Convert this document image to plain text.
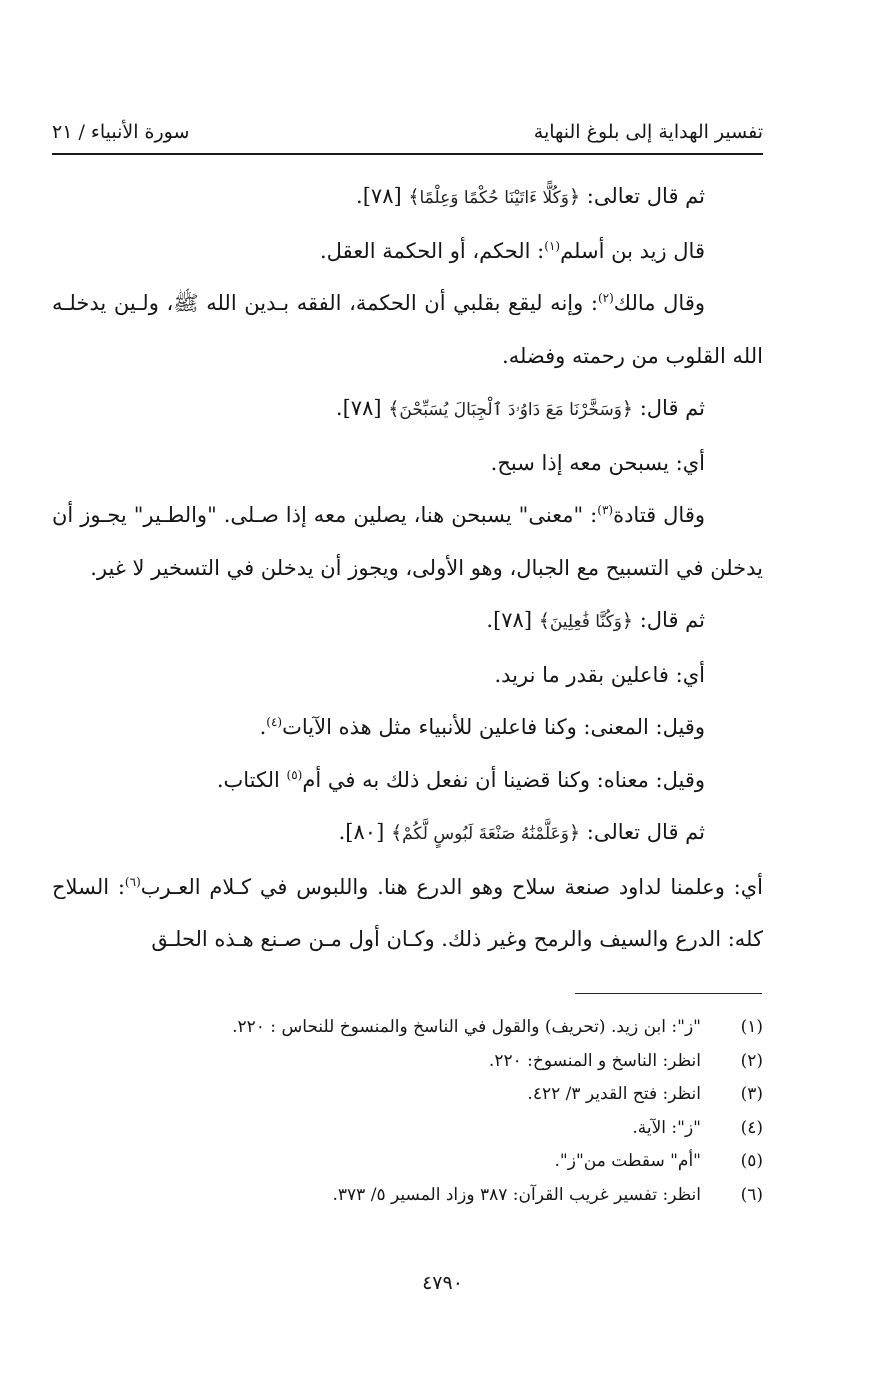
تفسير الهداية إلى بلوغ النهاية
سورة الأنبياء / ٢١

ثم قال تعالى: ﴿وَكُلًّا ءَاتَيْنَا حُكْمًا وَعِلْمًا﴾ [٧٨].

قال زيد بن أسلم$^{(١)}$: الحكم، أو الحكمة العقل.

وقال مالك$^{(٢)}$: وإنه ليقع بقلبي أن الحكمة، الفقه بـدين الله ﷺ، ولـين يدخلـه الله القلوب من رحمته وفضله.

ثم قال: ﴿وَسَخَّرْنَا مَعَ دَاوُۥدَ ٱلْجِبَالَ يُسَبِّحْنَ﴾ [٧٨].

أي: يسبحن معه إذا سبح.

وقال قتادة$^{(٣)}$: "معنى" يسبحن هنا، يصلين معه إذا صـلى. "والطـير" يجـوز أن يدخلن في التسبيح مع الجبال، وهو الأولى، ويجوز أن يدخلن في التسخير لا غير.

ثم قال: ﴿وَكُنَّا فَٰعِلِينَ﴾ [٧٨].

أي: فاعلين بقدر ما نريد.

وقيل: المعنى: وكنا فاعلين للأنبياء مثل هذه الآيات$^{(٤)}$.

وقيل: معناه: وكنا قضينا أن نفعل ذلك به في أم$^{(٥)}$ الكتاب.

ثم قال تعالى: ﴿وَعَلَّمْنَٰهُ صَنْعَةَ لَبُوسٍ لَّكُمْ﴾ [٨٠].

أي: وعلمنا لداود صنعة سلاح وهو الدرع هنا. واللبوس في كـلام العـرب$^{(٦)}$: السلاح كله: الدرع والسيف والرمح وغير ذلك. وكـان أول مـن صـنع هـذه الحلـق

(١)
"ز": ابن زيد. (تحريف) والقول في الناسخ والمنسوخ للنحاس : ٢٢٠.
(٢)
انظر: الناسخ و المنسوخ: ٢٢٠.
(٣)
انظر: فتح القدير ٣/ ٤٢٢.
(٤)
"ز": الآية.
(٥)
"أم" سقطت من"ز".
(٦)
انظر: تفسير غريب القرآن: ٣٨٧ وزاد المسير ٥/ ٣٧٣.
٤٧٩٠
